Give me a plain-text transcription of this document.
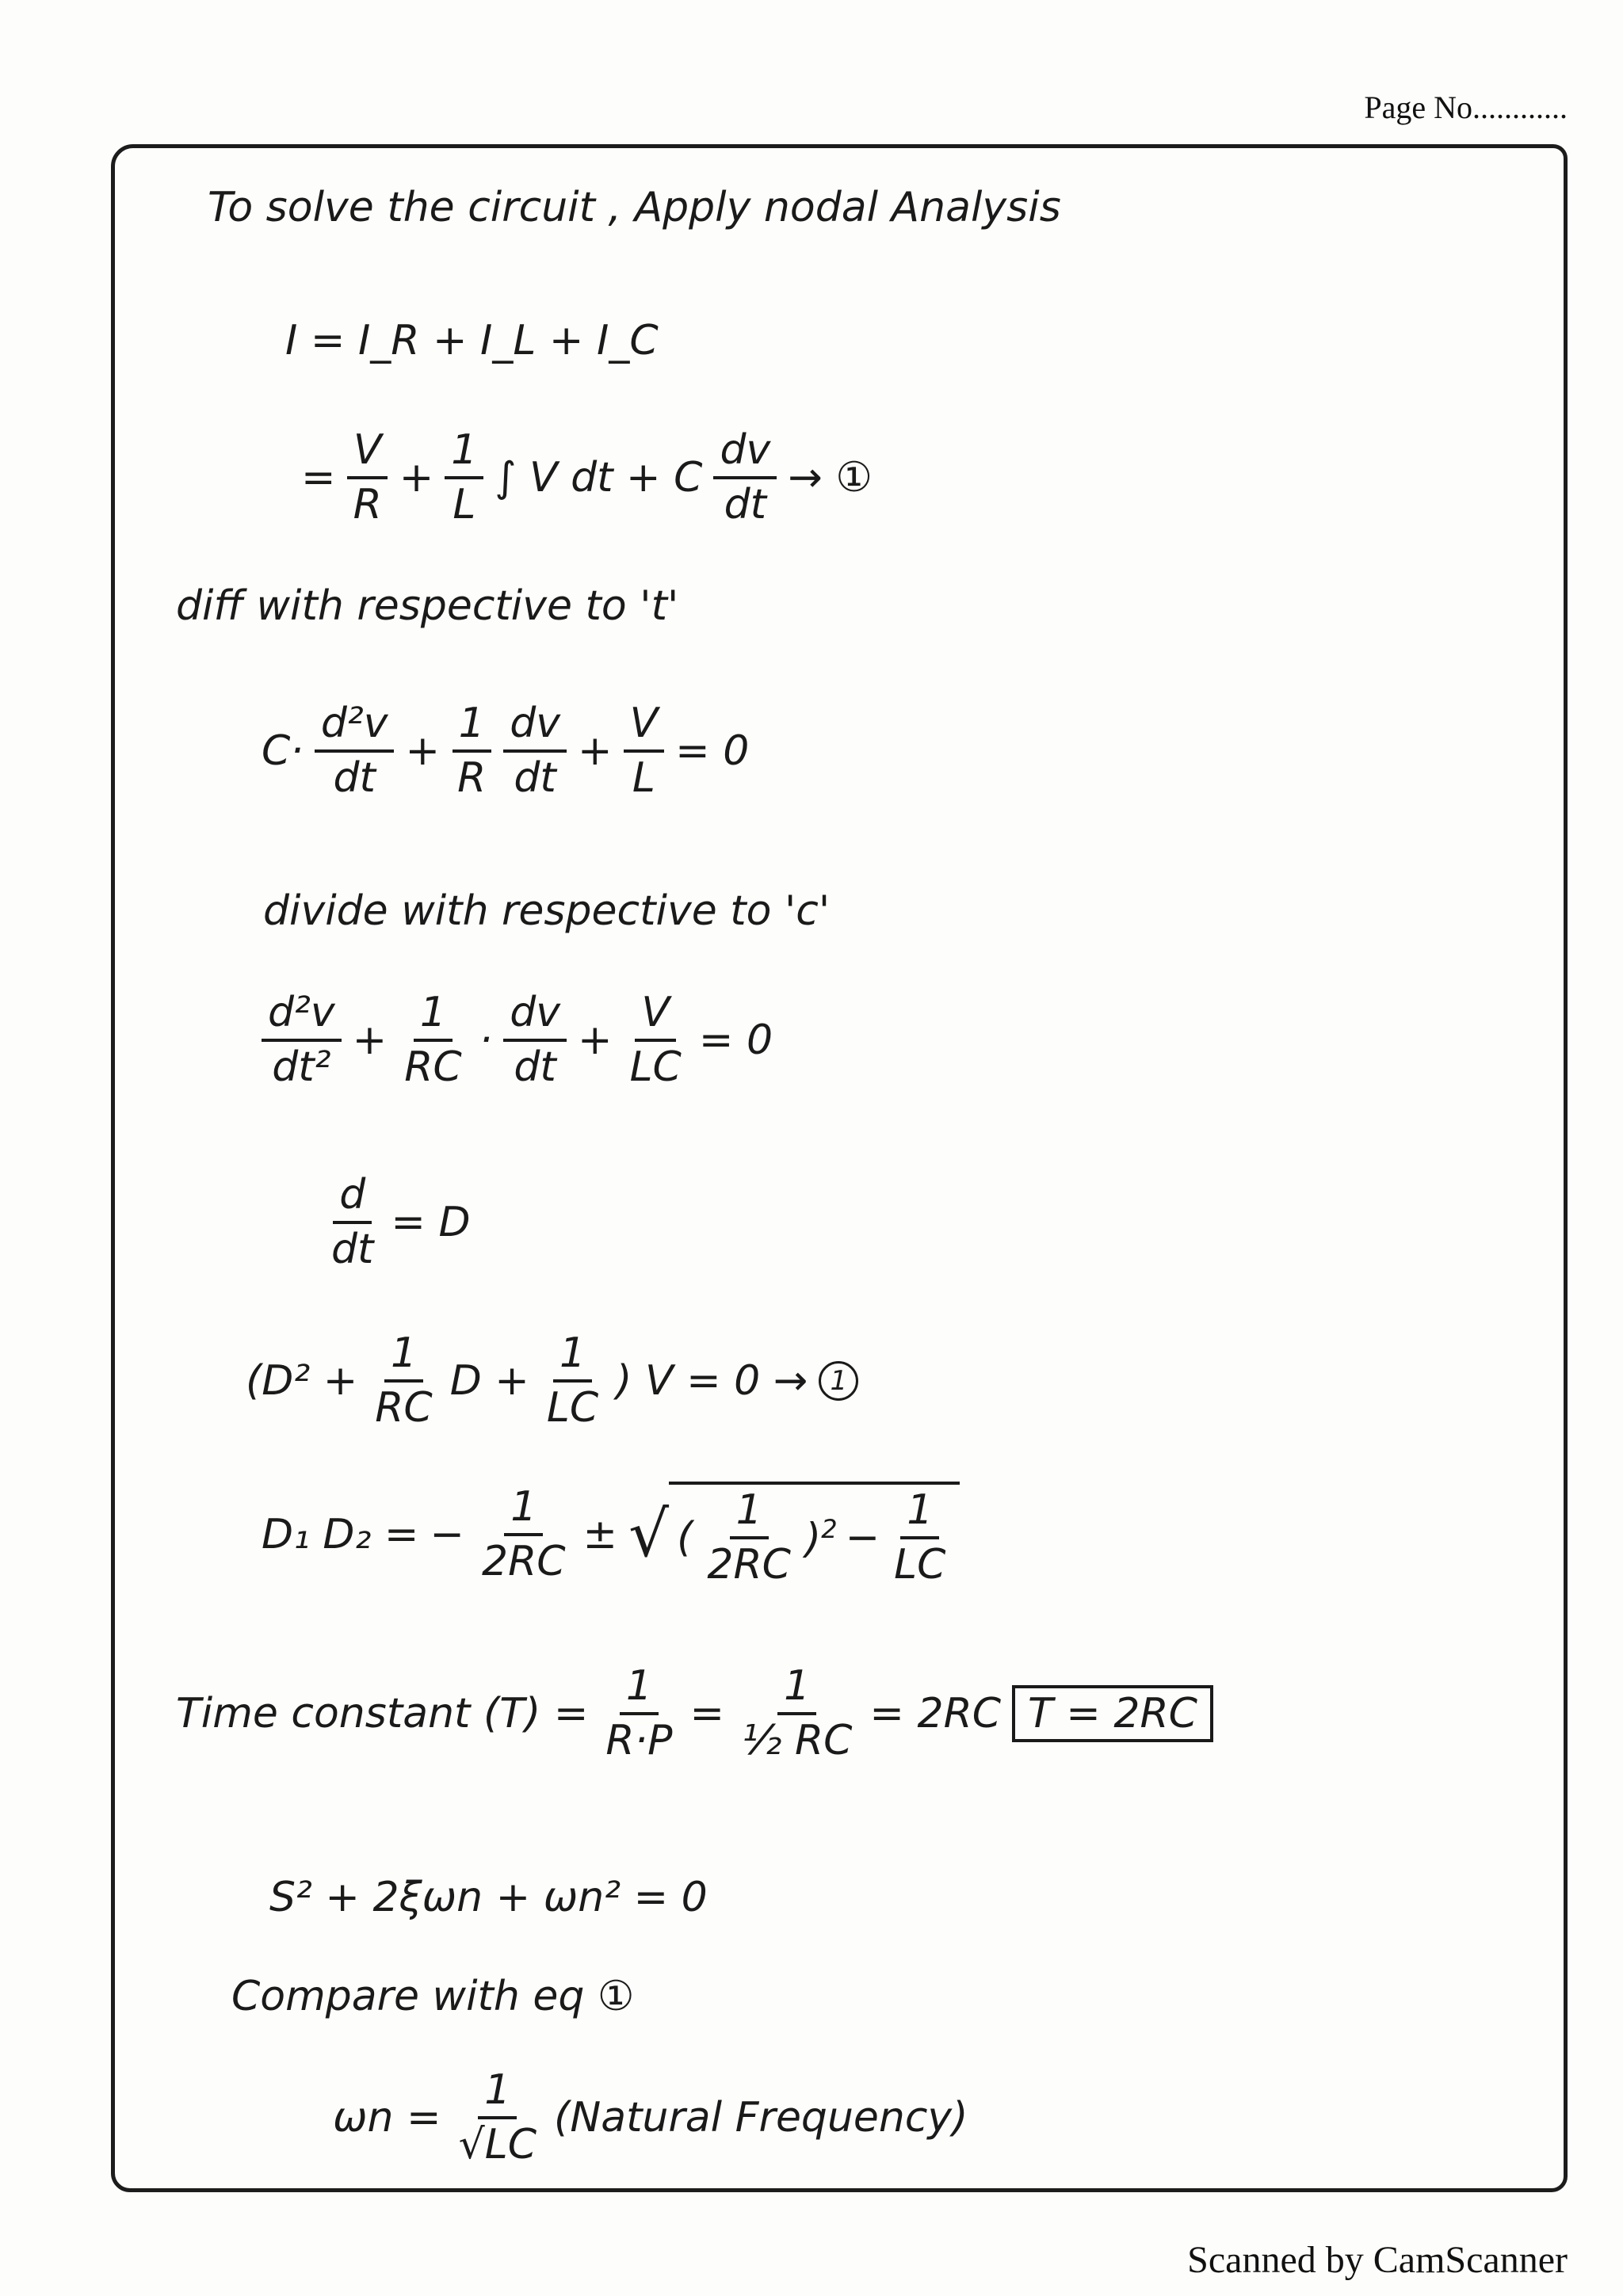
Page No............
To solve the circuit , Apply nodal Analysis
I = I_R + I_L + I_C
= $\frac{V}{R} + \frac{1}{L}$ ∫ V dt + C $\frac{dv}{dt}$ → ①
diff with respective to 't'
$C\cdot \frac{\text{d²v}}{dt} + \frac{1}{R} \frac{dv}{dt} + \frac{V}{L} = 0$
divide with respective to 'c'
$\frac{\text{d²v}}{\text{dt²}} + \frac{1}{RC} \cdot \frac{dv}{dt} + \frac{V}{LC} = 0$
$\frac{d}{dt} = D$
($D^2 + \frac{1}{RC}$ $D + \frac{1}{LC}$ ) V = 0 → 1
D₁ D₂ = − $\frac{1}{2RC}$ ± √ ( $\frac{1}{2RC} )^2 - \frac{1}{LC}$
Time constant $(T) = \frac{1}{R\cdot P} = \frac{1}{\text{½ RC}} = 2RC$ T = 2RC
S² + 2ξωn + ωn² = 0
Compare with eq ①
$\omega n = \frac{1}{√LC}$ (Natural Frequency)
Scanned by CamScanner
